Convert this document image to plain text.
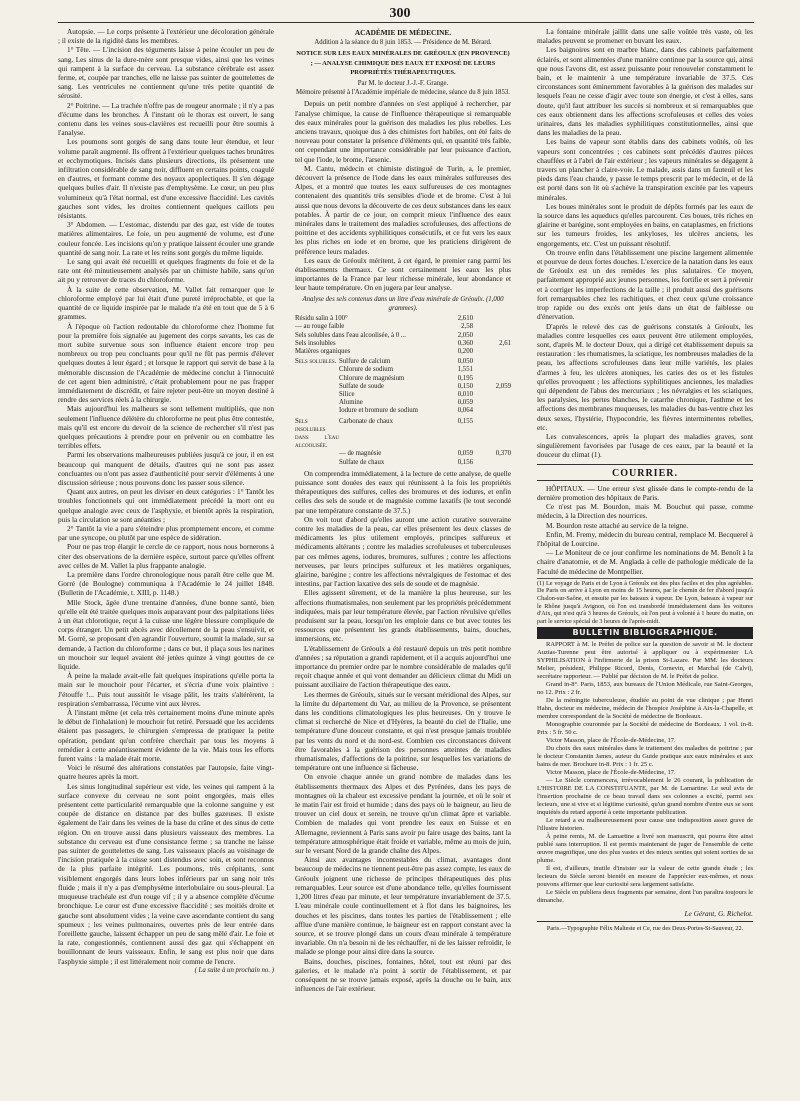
300

Autopsie. — Le corps présente à l'extérieur une décoloration générale ; il existe de la rigidité dans les membres.

1° Tête. — L'incision des téguments laisse à peine écouler un peu de sang. Les sinus de la dure-mère sont presque vides, ainsi que les veines qui rampent à la surface du cerveau. La substance cérébrale est assez ferme, et, coupée par tranches, elle ne laisse pas suinter de gouttelettes de sang. Les ventricules ne contiennent qu'une très petite quantité de sérosité.

2° Poitrine. — La trachée n'offre pas de rougeur anormale ; il n'y a pas d'écume dans les bronches. À l'instant où le thorax est ouvert, le sang contenu dans les veines sous-clavières est recueilli pour être soumis à l'analyse.

Les poumons sont gorgés de sang dans toute leur étendue, et leur volume paraît augmenté. Ils offrent à l'extérieur quelques taches brunâtres et ecchymotiques. Incisés dans plusieurs directions, ils présentent une infiltration considérable de sang noir, diffluent en certains points, coagulé en d'autres, et formant comme des noyaux apoplectiques. Il s'en dégage quelques bulles d'air. Il n'existe pas d'emphysème. Le cœur, un peu plus volumineux qu'à l'état normal, est d'une excessive flaccidité. Les cavités gauches sont vides, les droites contiennent quelques caillots peu résistants.

3° Abdomen. — L'estomac, distendu par des gaz, est vide de toutes matières alimentaires. Le foie, un peu augmenté de volume, est d'une couleur foncée. Les incisions qu'on y pratique laissent écouler une grande quantité de sang noir. La rate et les reins sont gorgés du même liquide.

Le sang qui avait été recueilli et quelques fragments du foie et de la rate ont été minutieusement analysés par un chimiste habile, sans qu'on ait pu y retrouver de traces du chloroforme.

À la suite de cette observation, M. Vallet fait remarquer que le chloroforme employé par lui était d'une pureté irréprochable, et que la quantité de ce liquide inspirée par le malade n'a été en tout que de 5 à 6 grammes.

À l'époque où l'action redoutable du chloroforme chez l'homme fut pour la première fois signalée au jugement des corps savants, les cas de mort subite survenue sous son influence étaient encore trop peu nombreux ou trop peu concluants pour qu'il ne fût pas permis d'élever quelques doutes à leur égard ; et lorsque le rapport qui servit de base à la mémorable discussion de l'Académie de médecine conclut à l'innocuité de cet agent bien administré, c'était probablement pour ne pas frapper immédiatement de discrédit, et faire rejeter peut-être un moyen destiné à rendre des services réels à la chirurgie.

Mais aujourd'hui les malheurs se sont tellement multipliés, que non seulement l'influence délétère du chloroforme ne peut plus être contestée, mais qu'il est encore du devoir de la science de rechercher s'il n'est pas quelques précautions à prendre pour en prévenir ou en combattre les terribles effets.

Parmi les observations malheureuses publiées jusqu'à ce jour, il en est beaucoup qui manquent de détails, d'autres qui ne sont pas assez concluantes ou n'ont pas assez d'authenticité pour servir d'éléments à une discussion sérieuse ; nous pouvons donc les passer sous silence.

Quant aux autres, on peut les diviser en deux catégories : 1° Tantôt les troubles fonctionnels qui ont immédiatement précédé la mort ont eu quelque analogie avec ceux de l'asphyxie, et bientôt après la respiration, puis la circulation se sont anéanties ;

2° Tantôt la vie a paru s'éteindre plus promptement encore, et comme par une syncope, ou plutôt par une espèce de sidération.

Pour ne pas trop élargir le cercle de ce rapport, nous nous bornerons à citer des observations de la dernière espèce, surtout parce qu'elles offrent avec celles de M. Vallet la plus frappante analogie.

La première dans l'ordre chronologique nous paraît être celle que M. Gorré (de Boulogne) communiqua à l'Académie le 24 juillet 1848. (Bulletin de l'Académie, t. XIII, p. 1148.)

Mlle Stock, âgée d'une trentaine d'années, d'une bonne santé, bien qu'elle eût été traitée quelques mois auparavant pour des palpitations liées à un état chlorotique, reçut à la cuisse une légère blessure compliquée de corps étranger. Un petit abcès avec décollement de la peau s'ensuivit, et M. Gorré, se proposant d'en agrandir l'ouverture, soumit la malade, sur sa demande, à l'action du chloroforme ; dans ce but, il plaça sous les narines un mouchoir sur lequel avaient été jetées quinze à vingt gouttes de ce liquide.

À peine la malade avait-elle fait quelques inspirations qu'elle porta la main sur le mouchoir pour l'écarter, et s'écria d'une voix plaintive : J'étouffe !... Puis tout aussitôt le visage pâlit, les traits s'altérèrent, la respiration s'embarrassa, l'écume vint aux lèvres.

À l'instant même (et cela très certainement moins d'une minute après le début de l'inhalation) le mouchoir fut retiré. Persuadé que les accidents étaient pas passagers, le chirurgien s'empressa de pratiquer la petite opération, pendant qu'un confrère cherchait par tous les moyens à remédier à cette anéantissement évidente de la vie. Mais tous les efforts furent vains : la malade était morte.

Voici le résumé des altérations constatées par l'autopsie, faite vingt-quatre heures après la mort.

Les sinus longitudinal supérieur est vide, les veines qui rampent à la surface convexe du cerveau ne sont point engorgées, mais elles présentent cette particularité remarquable que la colonne sanguine y est coupée de distance en distance par des bulles gazeuses. Il existe également de l'air dans les veines de la base du crâne et des sinus de cette région. On en trouve aussi dans plusieurs vaisseaux des membres. La substance du cerveau est d'une consistance ferme ; sa tranche ne laisse pas suinter de gouttelettes de sang. Les vaisseaux placés au voisinage de l'incision pratiquée à la cuisse sont distendus avec soin, et sont reconnus de la plus parfaite intégrité. Les poumons, très crépitants, sont visiblement engorgés dans leurs lobes inférieurs par un sang noir très fluide ; mais il n'y a pas d'emphysème interlobulaire ou sous-pleural. La muqueuse trachéale est d'un rouge vif ; il y a absence complète d'écume bronchique. Le cœur est d'une excessive flaccidité ; ses moitiés droite et gauche sont absolument vides ; la veine cave ascendante contient du sang spumeux ; les veines pulmonaires, ouvertes près de leur entrée dans l'oreillette gauche, laissent échapper un peu de sang mêlé d'air. Le foie et la rate, congestionnés, contiennent aussi des gaz qui s'échappent en bouillonnant de leurs vaisseaux. Enfin, le sang est plus noir que dans l'asphyxie simple ; il est littéralement noir comme de l'encre.

( La suite à un prochain no. )

ACADÉMIE DE MÉDECINE.
Addition à la séance du 8 juin 1853. — Présidence de M. Bérard.
NOTICE SUR LES EAUX MINÉRALES DE GRÉOULX (EN PROVENCE) ; — ANALYSE CHIMIQUE DES EAUX ET EXPOSÉ DE LEURS PROPRIÉTÉS THÉRAPEUTIQUES.
Par M. le docteur J.-J.-F. Grange.
Mémoire présenté à l'Académie impériale de médecine, séance du 8 juin 1853.

Depuis un petit nombre d'années on s'est appliqué à rechercher, par l'analyse chimique, la cause de l'influence thérapeutique si remarquable des eaux minérales pour la guérison des maladies les plus rebelles. Les anciens travaux, quoique dus à des chimistes fort habiles, ont été faits de nouveau pour constater la présence d'éléments qui, en quantité très faible, ont cependant une importance considérable par leur puissance d'action, tel que l'iode, le brome, l'arsenic.

M. Cantu, médecin et chimiste distingué de Turin, a, le premier, découvert la présence de l'iode dans les eaux minérales sulfureuses des Alpes, et a montré que toutes les eaux sulfureuses de ces montagnes contenaient des quantités très sensibles d'iode et de brome. C'est à lui aussi que nous devons la découverte de ces deux substances dans les eaux potables. À partir de ce jour, on comprit mieux l'influence des eaux minérales dans le traitement des maladies scrofuleuses, des affections de poitrine et des accidents syphilitiques consécutifs, et ce fut vers les eaux les plus riches en iode et en brome, que les praticiens dirigèrent de préférence leurs malades.

Les eaux de Gréoulx méritent, à cet égard, le premier rang parmi les établissements thermaux. Ce sont certainement les eaux les plus importantes de la France par leur richesse minérale, leur abondance et leur haute température. On en jugera par leur analyse.

Analyse des sels contenus dans un litre d'eau minérale de Gréoulx. (1,000 grammes).
Résidu salin à 100°	2,610	
— au rouge faible	2,58	
Sels solubles dans l'eau alcoolisée, à 0 ...	2,050	
Sels insolubles	0,360	2,61
Matières organiques	0,200	
Sels solubles.	Sulfure de calcium	0,050	
	Chlorure de sodium	1,551	
	Chlorure de magnésium	0,195	
	Sulfate de soude	0,150	2,059
	Silice	0,010	
	Alumine	0,059	
	Iodure et bromure de sodium	0,064	
Sels insolubles dans l'eau alcoolisée.	Carbonate de chaux	0,155	
	— de magnésie	0,059	0,370
	Sulfate de chaux	0,156	

On comprendra immédiatement, à la lecture de cette analyse, de quelle puissance sont douées des eaux qui réunissent à la fois les propriétés thérapeutiques des sulfures, celles des bromures et des iodures, et enfin celles des sels de soude et de magnésie comme laxatifs (le tout secondé par une température constante de 37.5.)

On voit tout d'abord qu'elles auront une action curative souveraine contre les maladies de la peau, car elles présentent les deux classes de médicaments les plus utilement employés, principes sulfureux et médicaments altérants ; contre les maladies scrofuleuses et tuberculeuses par ces mêmes agens, iodures, bromures, sulfures ; contre les affections nerveuses, par leurs principes sulfureux et les matières organiques, glairine, barégine ; contre les affections névralgiques de l'estomac et des intestins, par l'action laxative des sels de soude et de magnésie.

Elles agissent sûrement, et de la manière la plus heureuse, sur les affections rhumatismales, non seulement par les propriétés précédemment indiquées, mais par leur température élevée, par l'action révulsive qu'elles produisent sur la peau, lorsqu'on les emploie dans ce but avec toutes les ressources que présentent les grands établissements, bains, douches, immersions, etc.

L'établissement de Gréoulx a été restauré depuis un très petit nombre d'années ; sa réputation a grandi rapidement, et il a acquis aujourd'hui une importance du premier ordre par le nombre considérable de malades qu'il reçoit chaque année et qui vont demander au délicieux climat du Midi un puissant auxiliaire de l'action thérapeutique des eaux.

Les thermes de Gréoulx, situés sur le versant méridional des Alpes, sur la limite du département du Var, au milieu de la Provence, se présentent dans les conditions climatologiques les plus heureuses. On y trouve le climat si recherché de Nice et d'Hyères, la beauté du ciel de l'Italie, une température d'une douceur constante, et qui n'est presque jamais troublée par les vents du nord et du nord-est. Combien ces circonstances doivent être favorables à la guérison des personnes atteintes de maladies rhumatismales, d'affections de la poitrine, sur lesquelles les variations de température ont une influence si fâcheuse.

On envoie chaque année un grand nombre de malades dans les établissements thermaux des Alpes et des Pyrénées, dans les pays de montagnes où la chaleur est excessive pendant la journée, et où le soir et le matin l'air est froid et humide ; dans des pays où le baigneur, au lieu de trouver un ciel doux et serein, ne trouve qu'un climat âpre et variable. Combien de malades qui vont prendre les eaux en Suisse et en Allemagne, reviennent à Paris sans avoir pu faire usage des bains, tant la température atmosphérique était froide et variable, même au mois de juin, sur le versant Nord de la grande chaîne des Alpes.

Ainsi aux avantages incontestables du climat, avantages dont beaucoup de médecins ne tiennent peut-être pas assez compte, les eaux de Gréoulx joignent une richesse de principes thérapeutiques des plus remarquables. Leur source est d'une abondance telle, qu'elles fournissent 1,200 litres d'eau par minute, et leur température invariablement de 37.5. L'eau minérale coule continuellement et à flot dans les baignoires, les douches et les piscines, dans toutes les parties de l'établissement ; elle afflue d'une manière continue, le baigneur est en rapport constant avec la source, et se trouve plongé dans un cours d'eau minérale à température invariable. On n'a besoin ni de les réchauffer, ni de les laisser refroidir, le malade se plonge pour ainsi dire dans la source.

Bains, douches, piscines, fontaines, hôtel, tout est réuni par des galeries, et le malade n'a point à sortir de l'établissement, et par conséquent ne se trouve jamais exposé, après la douche ou le bain, aux influences de l'air extérieur.

La fontaine minérale jaillit dans une salle voûtée très vaste, où les malades peuvent se promener en buvant les eaux.

Les baignoires sont en marbre blanc, dans des cabinets parfaitement éclairés, et sont alimentées d'une manière continue par la source qui, ainsi que nous l'avons dit, est assez puissante pour renouveler constamment le bain, et le maintenir à une température invariable de 37.5. Ces circonstances sont éminemment favorables à la guérison des malades sur lesquels l'eau ne cesse d'agir avec toute son énergie, et c'est à elles, sans doute, qu'il faut attribuer les succès si nombreux et si remarquables que ces eaux obtiennent dans les affections scrofuleuses et celles des voies urinaires, dans les maladies syphilitiques constitutionnelles, ainsi que dans les maladies de la peau.

Les bains de vapeur sont établis dans des cabinets voûtés, où les vapeurs sont concentrées ; ces cabinets sont précédés d'autres pièces chauffées et à l'abri de l'air extérieur ; les vapeurs minérales se dégagent à travers un plancher à claire-voie. Le malade, assis dans un fauteuil et les pieds dans l'eau chaude, y passe le temps prescrit par le médecin, et de là est porté dans son lit où s'achève la transpiration excitée par les vapeurs minérales.

Les boues minérales sont le produit de dépôts formés par les eaux de la source dans les aqueducs qu'elles parcourent. Ces boues, très riches en glairine et barégine, sont employées en bains, en cataplasmes, en frictions sur les tumeurs froides, les ankyloses, les ulcères anciens, les engorgements, etc. C'est un puissant résolutif.

On trouve enfin dans l'établissement une piscine largement alimentée et pourvue de deux fortes douches. L'exercice de la natation dans les eaux de Gréoulx est un des remèdes les plus salutaires. Ce moyen, parfaitement approprié aux jeunes personnes, les fortifie et sert à prévenir et à corriger les imperfections de la taille ; il produit aussi des guérisons fort remarquables chez les rachitiques, et chez ceux qu'une croissance trop rapide ou des excès ont jetés dans un état de faiblesse ou d'énervation.

D'après le relevé des cas de guérisons constatés à Gréoulx, les maladies contre lesquelles ces eaux peuvent être utilement employées, sont, d'après M. le docteur Doux, qui a dirigé cet établissement depuis sa restauration : les rhumatismes, la sciatique, les nombreuses maladies de la peau, les affections scrofuleuses dans leur mille variétés, les plaies d'armes à feu, les ulcères atoniques, les caries des os et les fistules qu'elles provoquent ; les affections syphilitiques anciennes, les maladies qui dépendent de l'abus des mercuriaux ; les névralgies et les sciatiques, les paralysies, les pertes blanches, le catarrhe chronique, l'asthme et les affections des membranes muqueuses, les maladies du bas-ventre chez les deux sexes, l'hystérie, l'hypocondrie, les fièvres intermittentes rebelles, etc.

Les convalescences, après la plupart des maladies graves, sont singulièrement favorisées par l'usage de ces eaux, par la beauté et la douceur du climat (1).

COURRIER.

HÔPITAUX. — Une erreur s'est glissée dans le compte-rendu de la dernière promotion des hôpitaux de Paris.

Ce n'est pas M. Bourdon, mais M. Bouchut qui passe, comme médecin, à la Direction des nourrices.

M. Bourdon reste attaché au service de la teigne.

Enfin, M. Fremy, médecin du bureau central, remplace M. Becquerel à l'hôpital de Lourcine.

— Le Moniteur de ce jour confirme les nominations de M. Benoît à la chaire d'anatomie, et de M. Anglada à celle de pathologie médicale de la Faculté de médecine de Montpellier.

(1) Le voyage de Paris et de Lyon à Gréoulx est des plus faciles et des plus agréables. De Paris on arrive à Lyon en moins de 15 heures, par le chemin de fer d'abord jusqu'à Chalon-sur-Saône, et ensuite par les bateaux à vapeur. De Lyon, bateaux à vapeur sur le Rhône jusqu'à Avignon, où l'on est transbordé immédiatement dans les voitures d'Aix, qui n'est qu'à 3 heures de Gréoulx, où l'on peut à volonté à 1 heure du matin, on part le service spécial de 3 heures de l'après-midi.

BULLETIN BIBLIOGRAPHIQUE.

RAPPORT à M. le Préfet de police sur la question de savoir si M. le docteur Auzias-Turenne peut être autorisé à appliquer ou à expérimenter LA SYPHILISATION à l'infirmerie de la prison St-Lazare. Par MM. les docteurs Melier, président, Philippe Ricord, Denis, Cornevin, et Marchal (de Calvi), secrétaire rapporteur. — Publié par décision de M. le Préfet de police.

Grand in-8°. Paris, 1853, aux bureaux de l'Union Médicale, rue Saint-Georges, no 12. Prix : 2 fr.

De la méningite tuberculeuse, étudiée au point de vue clinique ; par Henri Hahn, docteur en médecine, médecin de l'hospice Joséphine à Aix-la-Chapelle, et membre correspondant de la Société de médecine de Bordeaux.

Monographie couronnée par la Société de médecine de Bordeaux. 1 vol. in-8. Prix : 5 fr. 50 c.

Victor Masson, place de l'École-de-Médecine, 17.

Du choix des eaux minérales dans le traitement des maladies de poitrine ; par le docteur Constantin James, auteur du Guide pratique aux eaux minérales et aux bains de mer. Brochure in-8. Prix : 1 fr. 25 c.

Victor Masson, place de l'École-de-Médecine, 17.

— Le Siècle commencera, irrévocablement le 26 courant, la publication de L'HISTOIRE DE LA CONSTITUANTE, par M. de Lamartine. Le seul avis de l'insertion prochaine de ce beau travail dans ses colonnes a excité, parmi ses lecteurs, une si vive et si légitime curiosité, qu'un grand nombre d'entre eux se sont inquiétés du retard apporté à cette importante publication.

Le retard a eu malheureusement pour cause une indisposition assez grave de l'illustre historien.

À peine remis, M. de Lamartine a livré son manuscrit, qui pourra être ainsi publié sans interruption. Il est permis maintenant de juger de l'ensemble de cette œuvre magnifique, une des plus vastes et des mieux senties qui soient sorties de sa plume.

Il est, d'ailleurs, inutile d'insister sur la valeur de cette grande étude ; les lecteurs du Siècle seront bientôt en mesure de l'apprécier eux-mêmes, et nous pouvons affirmer que leur curiosité sera largement satisfaite.

Le Siècle en publiera deux fragments par semaine, dont l'un paraîtra toujours le dimanche.

Le Gérant, G. Richelot.
Paris.—Typographie Félix Malteste et Ce, rue des Deux-Portes-St-Sauveur, 22.
